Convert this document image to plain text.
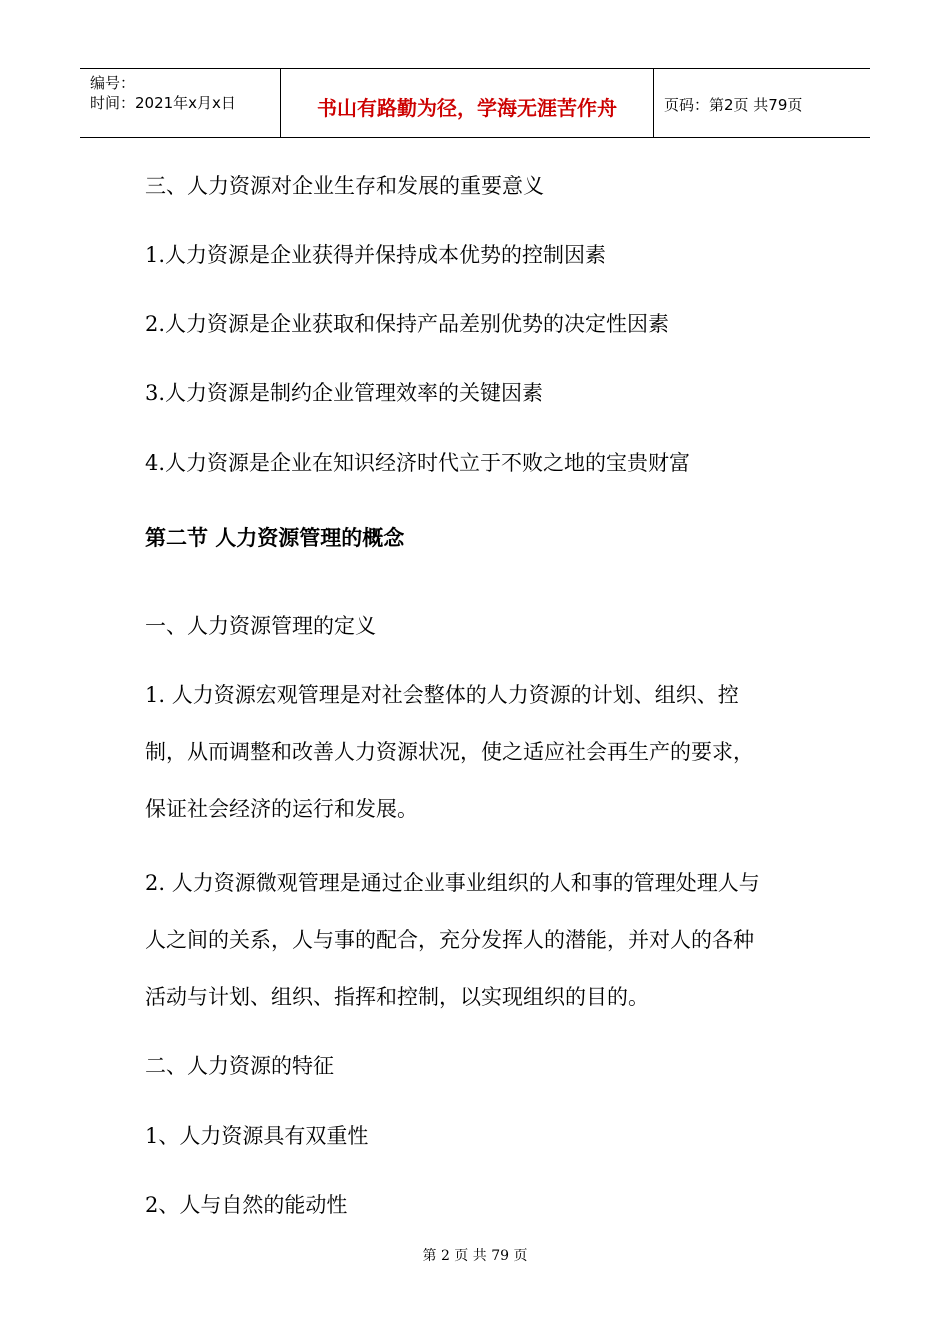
编号：
时间：2021年x月x日	书山有路勤为径，学海无涯苦作舟	页码：第2页 共79页
三、人力资源对企业生存和发展的重要意义
1.人力资源是企业获得并保持成本优势的控制因素
2.人力资源是企业获取和保持产品差别优势的决定性因素
3.人力资源是制约企业管理效率的关键因素
4.人力资源是企业在知识经济时代立于不败之地的宝贵财富
第二节 人力资源管理的概念
一、人力资源管理的定义
1. 人力资源宏观管理是对社会整体的人力资源的计划、组织、控
制，从而调整和改善人力资源状况，使之适应社会再生产的要求，
保证社会经济的运行和发展。
2. 人力资源微观管理是通过企业事业组织的人和事的管理处理人与
人之间的关系，人与事的配合，充分发挥人的潜能，并对人的各种
活动与计划、组织、指挥和控制，以实现组织的目的。
二、人力资源的特征
1、人力资源具有双重性
2、人与自然的能动性
第 2 页 共 79 页
